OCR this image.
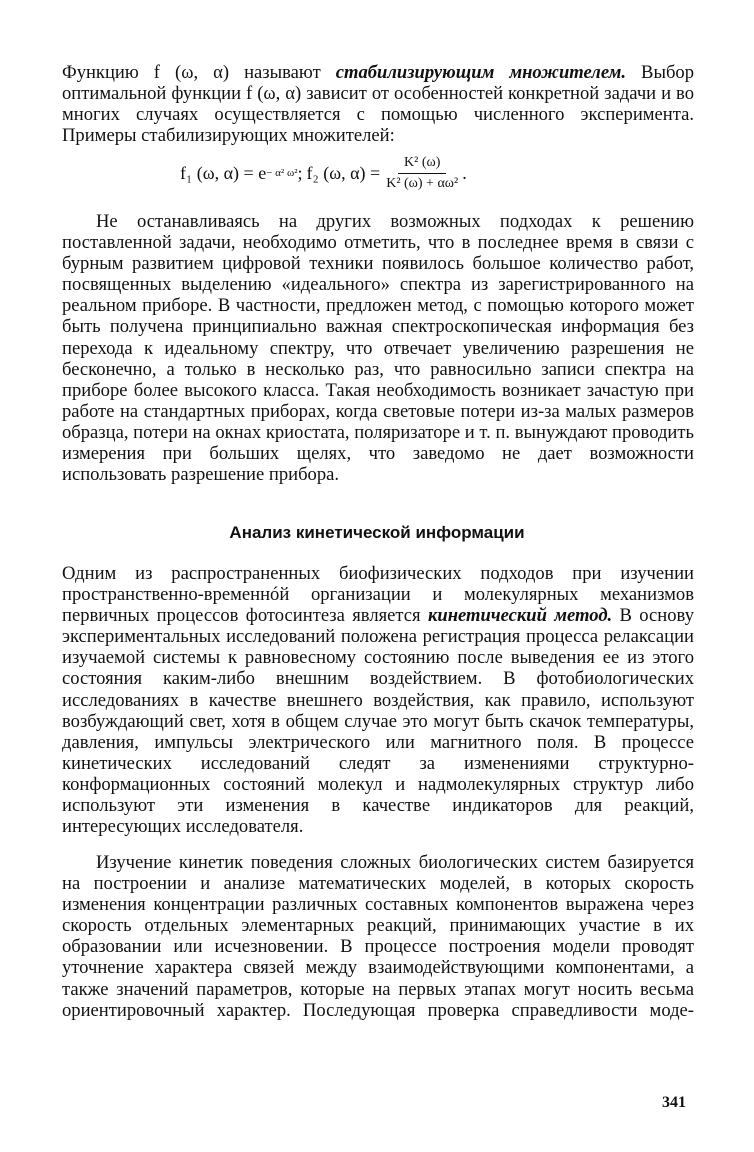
Функцию f (ω, α) называют стабилизирующим множителем. Выбор оптимальной функции f (ω, α) зависит от особенностей конкретной задачи и во многих случаях осуществляется с помощью численного эксперимента. Примеры стабилизирующих множителей:

f₁ (ω, α) = e − α² ω² ; f₂ (ω, $\alpha) = \frac{\text{K² (ω)}}{\text{K² (ω) + αω²}}$ .

Не останавливаясь на других возможных подходах к решению поставленной задачи, необходимо отметить, что в последнее время в связи с бурным развитием цифровой техники появилось большое количество работ, посвященных выделению «идеального» спектра из зарегистрированного на реальном приборе. В частности, предложен метод, с помощью которого может быть получена принципиально важная спектроскопическая информация без перехода к идеальному спектру, что отвечает увеличению разрешения не бесконечно, а только в несколько раз, что равносильно записи спектра на приборе более высокого класса. Такая необходимость возникает зачастую при работе на стандартных приборах, когда световые потери из-за малых размеров образца, потери на окнах криостата, поляризаторе и т. п. вынуждают проводить измерения при больших щелях, что заведомо не дает возможности использовать разрешение прибора.

Анализ кинетической информации

Одним из распространенных биофизических подходов при изучении пространственно-временнóй организации и молекулярных механизмов первичных процессов фотосинтеза является кинетический метод. В основу экспериментальных исследований положена регистрация процесса релаксации изучаемой системы к равновесному состоянию после выведения ее из этого состояния каким-либо внешним воздействием. В фотобиологических исследованиях в качестве внешнего воздействия, как правило, используют возбуждающий свет, хотя в общем случае это могут быть скачок температуры, давления, импульсы электрического или магнитного поля. В процессе кинетических исследований следят за изменениями структурно-конформационных состояний молекул и надмолекулярных структур либо используют эти изменения в качестве индикаторов для реакций, интересующих исследователя.

Изучение кинетик поведения сложных биологических систем базируется на построении и анализе математических моделей, в которых скорость изменения концентрации различных составных компонентов выражена через скорость отдельных элементарных реакций, принимающих участие в их образовании или исчезновении. В процессе построения модели проводят уточнение характера связей между взаимодействующими компонентами, а также значений параметров, которые на первых этапах могут носить весьма ориентировочный характер. Последующая проверка справедливости моде-

341
